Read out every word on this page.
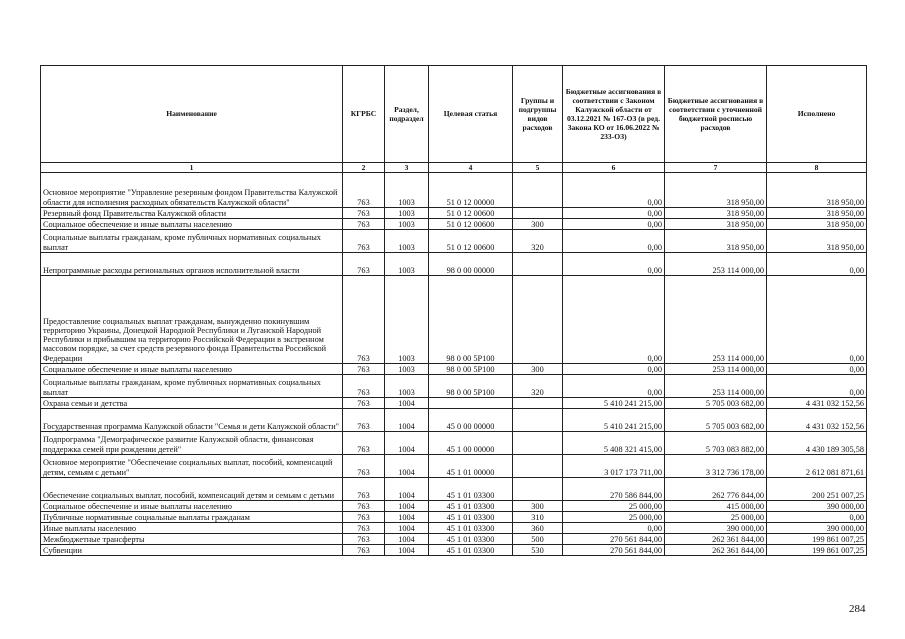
Наименование	КГРБС	Раздел, подраздел	Целевая статья	Группы и подгруппы видов расходов	Бюджетные ассигнования в соответствии с Законом Калужской области от 03.12.2021 № 167-ОЗ (в ред. Закона КО от 16.06.2022 № 233-ОЗ)	Бюджетные ассигнования в соответствии с уточненной бюджетной росписью расходов	Исполнено
1	2	3	4	5	6	7	8
Основное мероприятие "Управление резервным фондом Правительства Калужской области для исполнения расходных обязательств Калужской области"	763	1003	51 0 12 00000		0,00	318 950,00	318 950,00
Резервный фонд Правительства Калужской области	763	1003	51 0 12 00600		0,00	318 950,00	318 950,00
Социальное обеспечение и иные выплаты населению	763	1003	51 0 12 00600	300	0,00	318 950,00	318 950,00
Социальные выплаты гражданам, кроме публичных нормативных социальных выплат	763	1003	51 0 12 00600	320	0,00	318 950,00	318 950,00
Непрограммные расходы региональных органов исполнительной власти	763	1003	98 0 00 00000		0,00	253 114 000,00	0,00
Предоставление социальных выплат гражданам, вынужденно покинувшим территорию Украины, Донецкой Народной Республики и Луганской Народной Республики и прибывшим на территорию Российской Федерации в экстренном массовом порядке, за счет средств резервного фонда Правительства Российской Федерации	763	1003	98 0 00 5P100		0,00	253 114 000,00	0,00
Социальное обеспечение и иные выплаты населению	763	1003	98 0 00 5P100	300	0,00	253 114 000,00	0,00
Социальные выплаты гражданам, кроме публичных нормативных социальных выплат	763	1003	98 0 00 5P100	320	0,00	253 114 000,00	0,00
Охрана семьи и детства	763	1004			5 410 241 215,00	5 705 003 682,00	4 431 032 152,56
Государственная программа Калужской области "Семья и дети Калужской области"	763	1004	45 0 00 00000		5 410 241 215,00	5 705 003 682,00	4 431 032 152,56
Подпрограмма "Демографическое развитие Калужской области, финансовая поддержка семей при рождении детей"	763	1004	45 1 00 00000		5 408 321 415,00	5 703 083 882,00	4 430 189 305,58
Основное мероприятие "Обеспечение социальных выплат, пособий, компенсаций детям, семьям с детьми"	763	1004	45 1 01 00000		3 017 173 711,00	3 312 736 178,00	2 612 081 871,61
Обеспечение социальных выплат, пособий, компенсаций детям и семьям с детьми	763	1004	45 1 01 03300		270 586 844,00	262 776 844,00	200 251 007,25
Социальное обеспечение и иные выплаты населению	763	1004	45 1 01 03300	300	25 000,00	415 000,00	390 000,00
Публичные нормативные социальные выплаты гражданам	763	1004	45 1 01 03300	310	25 000,00	25 000,00	0,00
Иные выплаты населению	763	1004	45 1 01 03300	360	0,00	390 000,00	390 000,00
Межбюджетные трансферты	763	1004	45 1 01 03300	500	270 561 844,00	262 361 844,00	199 861 007,25
Субвенции	763	1004	45 1 01 03300	530	270 561 844,00	262 361 844,00	199 861 007,25
284
